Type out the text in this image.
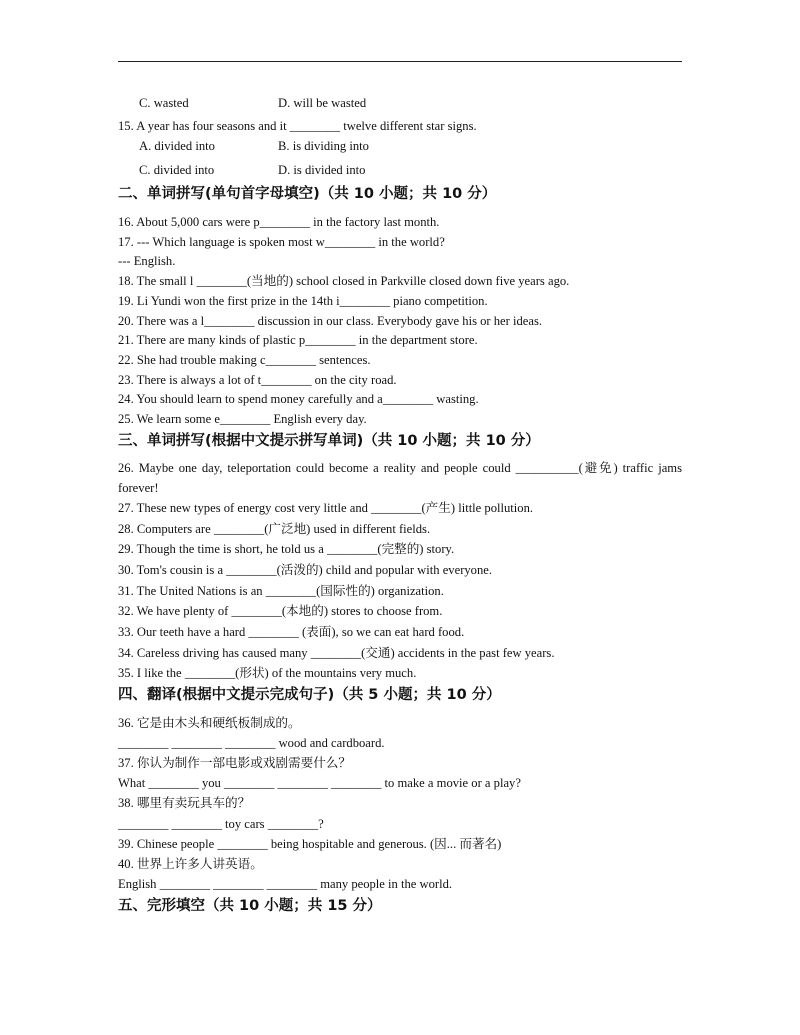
C. wasted	D. will be wasted
15. A year has four seasons and it ________ twelve different star signs.
A. divided into	B. is dividing into
C. divided into	D. is divided into
二、单词拼写(单句首字母填空)（共 10 小题；共 10 分）
16. About 5,000 cars were p________ in the factory last month.
17. --- Which language is spoken most w________ in the world?
--- English.
18. The small l ________(当地的) school closed in Parkville closed down five years ago.
19. Li Yundi won the first prize in the 14th i________ piano competition.
20. There was a l________ discussion in our class. Everybody gave his or her ideas.
21. There are many kinds of plastic p________ in the department store.
22. She had trouble making c________ sentences.
23. There is always a lot of t________ on the city road.
24. You should learn to spend money carefully and a________ wasting.
25. We learn some e________ English every day.
三、单词拼写(根据中文提示拼写单词)（共 10 小题；共 10 分）
26. Maybe one day, teleportation could become a reality and people could __________(避免) traffic jams forever!
27. These new types of energy cost very little and ________(产生) little pollution.
28. Computers are ________(广泛地) used in different fields.
29. Though the time is short, he told us a ________(完整的) story.
30. Tom's cousin is a ________(活泼的) child and popular with everyone.
31. The United Nations is an ________(国际性的) organization.
32. We have plenty of ________(本地的) stores to choose from.
33. Our teeth have a hard ________ (表面), so we can eat hard food.
34. Careless driving has caused many ________(交通) accidents in the past few years.
35. I like the ________(形状) of the mountains very much.
四、翻译(根据中文提示完成句子)（共 5 小题；共 10 分）
36. 它是由木头和硬纸板制成的。
________ ________ ________ wood and cardboard.
37. 你认为制作一部电影或戏剧需要什么？
What ________ you ________ ________ ________ to make a movie or a play?
38. 哪里有卖玩具车的？
________ ________ toy cars ________?
39. Chinese people ________ being hospitable and generous. (因... 而著名)
40. 世界上许多人讲英语。
English ________ ________ ________ many people in the world.
五、完形填空（共 10 小题；共 15 分）
